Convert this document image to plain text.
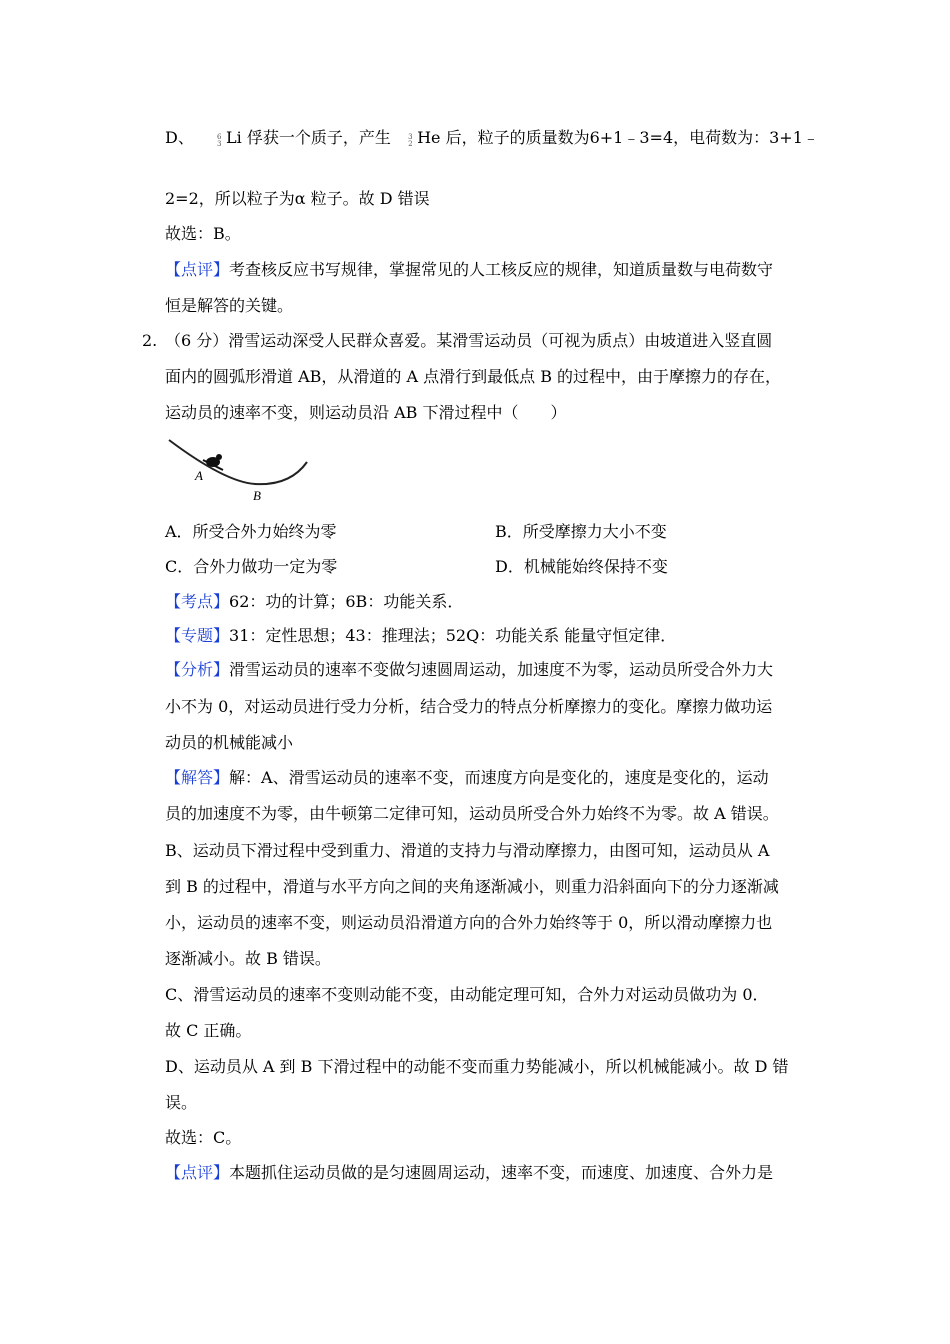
D、	6
3 Li 俘获一个质子，产生 3
2 He 后，粒子的质量数为6+1﹣3=4，电荷数为：3+1﹣
2=2，所以粒子为α 粒子。故 D 错误
故选：B。
【点评】考查核反应书写规律，掌握常见的人工核反应的规律，知道质量数与电荷数守
恒是解答的关键。
2. （6 分）滑雪运动深受人民群众喜爱。某滑雪运动员（可视为质点）由坡道进入竖直圆
面内的圆弧形滑道 AB，从滑道的 A 点滑行到最低点 B 的过程中，由于摩擦力的存在，
运动员的速率不变，则运动员沿 AB 下滑过程中（　　）
A
B
A．所受合外力始终为零	B．所受摩擦力大小不变
C．合外力做功一定为零	D．机械能始终保持不变
【考点】62：功的计算；6B：功能关系．
【专题】31：定性思想；43：推理法；52Q：功能关系 能量守恒定律．
【分析】滑雪运动员的速率不变做匀速圆周运动，加速度不为零，运动员所受合外力大
小不为 0，对运动员进行受力分析，结合受力的特点分析摩擦力的变化。摩擦力做功运
动员的机械能减小
【解答】解：A、滑雪运动员的速率不变，而速度方向是变化的，速度是变化的，运动
员的加速度不为零，由牛顿第二定律可知，运动员所受合外力始终不为零。故 A 错误。
B、运动员下滑过程中受到重力、滑道的支持力与滑动摩擦力，由图可知，运动员从 A
到 B 的过程中，滑道与水平方向之间的夹角逐渐减小，则重力沿斜面向下的分力逐渐减
小，运动员的速率不变，则运动员沿滑道方向的合外力始终等于 0，所以滑动摩擦力也
逐渐减小。故 B 错误。
C、滑雪运动员的速率不变则动能不变，由动能定理可知，合外力对运动员做功为 0．
故 C 正确。
D、运动员从 A 到 B 下滑过程中的动能不变而重力势能减小，所以机械能减小。故 D 错
误。
故选：C。
【点评】本题抓住运动员做的是匀速圆周运动，速率不变，而速度、加速度、合外力是
